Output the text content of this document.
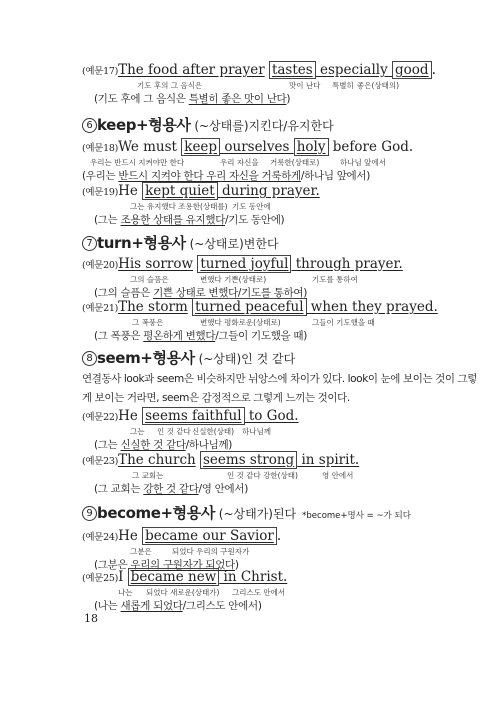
(예문17)The food after prayer tastes especially good .
기도 후의 그 음식은	맛이 난다 특별히 좋은(상태의)
(기도 후에 그 음식은 특별히 좋은 맛이 난다)
6 keep+형용사 (~상태를)지킨다/유지한다
(예문18)We must keep ourselves holy before God.
우리는 반드시 지켜야만 한다	우리 자신을 거룩한(상태로)	하나님 앞에서
(우리는 반드시 지켜야 한다 우리 자신을 거룩하게/하나님 앞에서)
(예문19)He kept quiet during prayer.
그는 유지했다 조용한(상태를) 기도 동안에
(그는 조용한 상태를 유지했다/기도 동안에)
7 turn+형용사 (~상태로)변한다
(예문20)His sorrow turned joyful through prayer.
그의 슬픔은	변했다 기쁜(상태로)	기도를 통하여
(그의 슬픔은 기쁜 상태로 변했다/기도를 통하여)
(예문21)The storm turned peaceful when they prayed.
그 폭풍은	변했다 평화로운(상태로)	그들이 기도했을 때
(그 폭풍은 평온하게 변했다/그들이 기도했을 때)
8 seem+형용사 (~상태)인 것 같다
연결동사 look과 seem은 비슷하지만 뉘앙스에 차이가 있다. look이 눈에 보이는 것이 그렇게 보이는 거라면, seem은 감정적으로 그렇게 느끼는 것이다.
(예문22)He seems faithful to God.
그는 인 것 같다 신실한(상태) 하나님께
(그는 신실한 것 같다/하나님께)
(예문23)The church seems strong in spirit.
그 교회는	인 것 같다 강한(상태)	영 안에서
(그 교회는 강한 것 같다/영 안에서)
9 become+형용사 (~상태가)된다 *become+명사 = ~가 되다
(예문24)He became our Savior .
그분은	되었다 우리의 구원자가
(그분은 우리의 구원자가 되었다)
(예문25)I became new in Christ.
나는 되었다 새로운(상태가) 그리스도 안에서
(나는 새롭게 되었다/그리스도 안에서)
18
